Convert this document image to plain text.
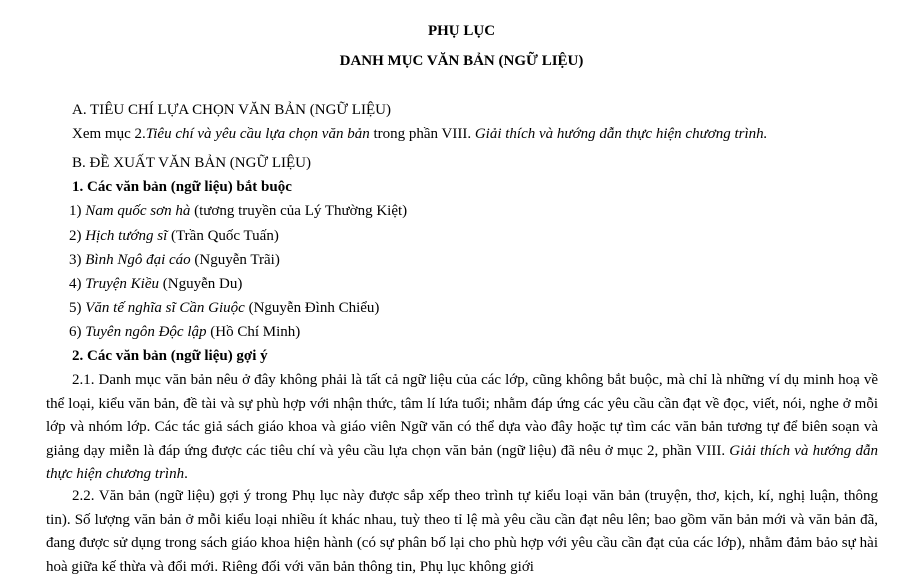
PHỤ LỤC
DANH MỤC VĂN BẢN (NGỮ LIỆU)
A. TIÊU CHÍ LỰA CHỌN VĂN BẢN (NGỮ LIỆU)
Xem mục 2.Tiêu chí và yêu cầu lựa chọn văn bản trong phần VIII. Giải thích và hướng dẫn thực hiện chương trình.
B. ĐỀ XUẤT VĂN BẢN (NGỮ LIỆU)
1. Các văn bản (ngữ liệu) bắt buộc
1) Nam quốc sơn hà (tương truyền của Lý Thường Kiệt)
2) Hịch tướng sĩ (Trần Quốc Tuấn)
3) Bình Ngô đại cáo (Nguyễn Trãi)
4) Truyện Kiều (Nguyễn Du)
5) Văn tế nghĩa sĩ Cần Giuộc (Nguyễn Đình Chiểu)
6) Tuyên ngôn Độc lập (Hồ Chí Minh)
2. Các văn bản (ngữ liệu) gợi ý

2.1. Danh mục văn bản nêu ở đây không phải là tất cả ngữ liệu của các lớp, cũng không bắt buộc, mà chỉ là những ví dụ minh hoạ về thể loại, kiểu văn bản, đề tài và sự phù hợp với nhận thức, tâm lí lứa tuổi; nhằm đáp ứng các yêu cầu cần đạt về đọc, viết, nói, nghe ở mỗi lớp và nhóm lớp. Các tác giả sách giáo khoa và giáo viên Ngữ văn có thể dựa vào đây hoặc tự tìm các văn bản tương tự để biên soạn và giảng dạy miễn là đáp ứng được các tiêu chí và yêu cầu lựa chọn văn bản (ngữ liệu) đã nêu ở mục 2, phần VIII. Giải thích và hướng dẫn thực hiện chương trình.

2.2. Văn bản (ngữ liệu) gợi ý trong Phụ lục này được sắp xếp theo trình tự kiểu loại văn bản (truyện, thơ, kịch, kí, nghị luận, thông tin). Số lượng văn bản ở mỗi kiểu loại nhiều ít khác nhau, tuỳ theo tỉ lệ mà yêu cầu cần đạt nêu lên; bao gồm văn bản mới và văn bản đã, đang được sử dụng trong sách giáo khoa hiện hành (có sự phân bố lại cho phù hợp với yêu cầu cần đạt của các lớp), nhằm đảm bảo sự hài hoà giữa kế thừa và đổi mới. Riêng đối với văn bản thông tin, Phụ lục không giới
